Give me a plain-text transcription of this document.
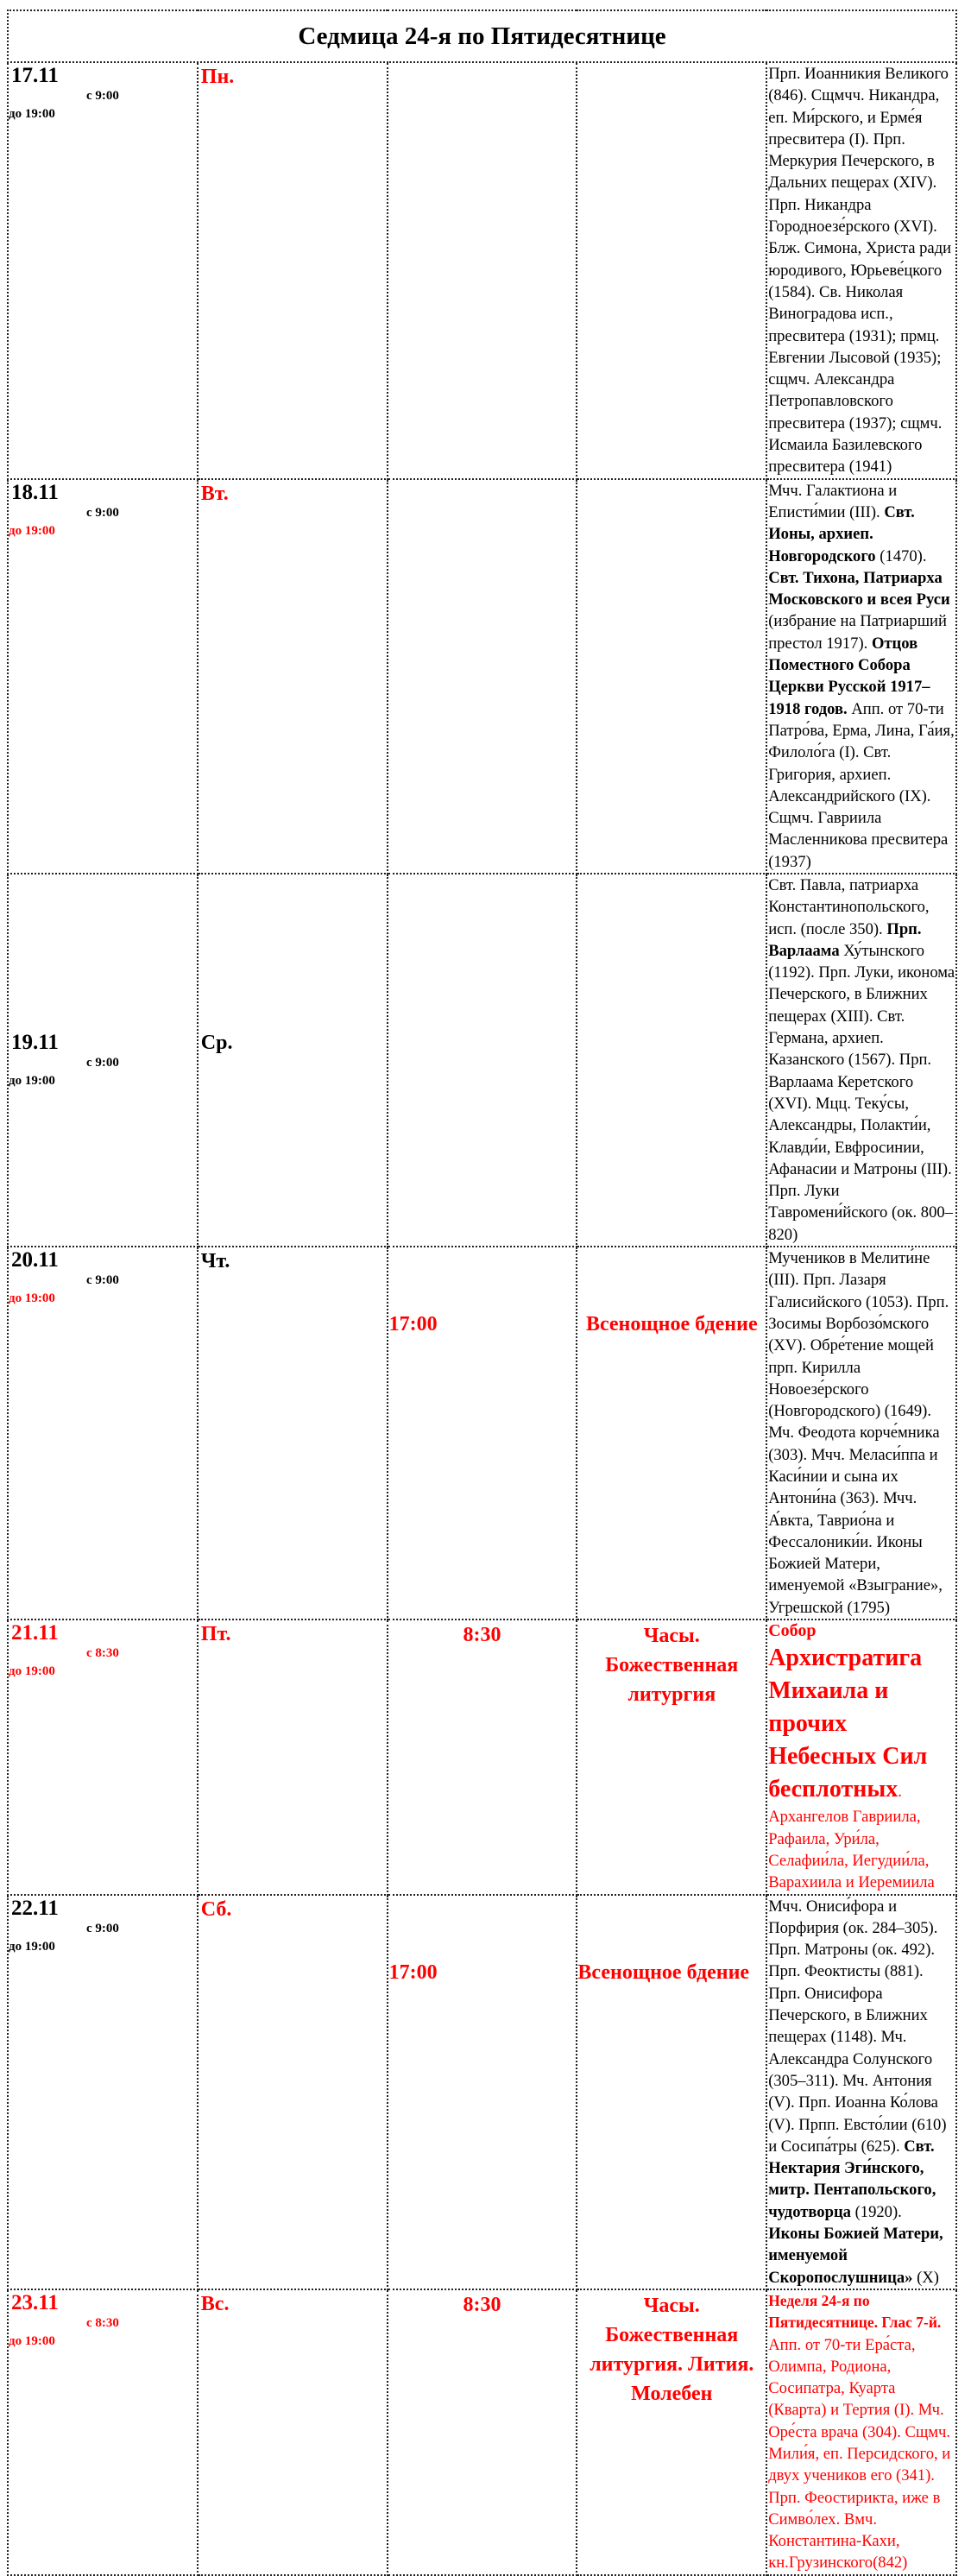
Седмица 24-я по Пятидесятнице

17.11
с 9:00
до 19:00

Пн.			Прп. Иоанникия Великого (846). Сщмчч. Никандра, еп. Ми́рского, и Ерме́я пресвитера (I). Прп. Меркурия Печерского, в Дальних пещерах (XIV). Прп. Никандра Городноезе́рского (XVI). Блж. Симона, Христа ради юродивого, Юрьеве́цкого (1584). Св. Николая Виноградова исп., пресвитера (1931); прмц. Евгении Лысовой (1935); сщмч. Александра Петропавловского пресвитера (1937); сщмч. Исмаила Базилевского пресвитера (1941)

18.11
с 9:00
до 19:00

Вт.			Мчч. Галактиона и Еписти́мии (III). Свт. Ионы, архиеп. Новгородского (1470). Свт. Тихона, Патриарха Московского и всея Руси (избрание на Патриарший престол 1917). Отцов Поместного Собора Церкви Русской 1917–1918 годов. Апп. от 70-ти Патро́ва, Ерма, Лина, Га́ия, Филоло́га (I). Свт. Григория, архиеп. Александрийского (IX). Сщмч. Гавриила Масленникова пресвитера (1937)

19.11
с 9:00
до 19:00

Ср.

Свт. Павла, патриарха Константинопольского, исп. (после 350). Прп. Варлаама Ху́тынского (1192). Прп. Луки, иконома Печерского, в Ближних пещерах (XIII). Свт. Германа, архиеп. Казанского (1567). Прп. Варлаама Керетского (XVI). Мцц. Теку́сы, Александры, Полакти́и, Клавди́и, Евфросинии, Афанасии и Матроны (III). Прп. Луки Тавромени́йского (ок. 800–820)

20.11
с 9:00
до 19:00

Чт.

17:00	Всенощное бдение

Мучеников в Мелити́не (III). Прп. Лазаря Галисийского (1053). Прп. Зосимы Ворбозо́мского (XV). Обре́тение мощей прп. Кирилла Новоезе́рского (Новгородского) (1649). Мч. Феодота корче́мника (303). Мчч. Меласи́ппа и Каси́нии и сына их Антони́на (363). Мчч. А́вкта, Таврио́на и Фессалоники́и. Иконы Божией Матери, именуемой «Взыграние», Угрешской (1795)

21.11
с 8:30
до 19:00

Пт.	8:30	Часы. Божественная литургия

Собор Архистратига Михаила и прочих Небесных Сил бесплотных. Архангелов Гавриила, Рафаила, Ури́ла, Селафии́ла, Иегудии́ла, Варахиила и Иеремиила

22.11
с 9:00
до 19:00

Сб.

17:00	Всенощное бдение

Мчч. Ониси́фора и Порфирия (ок. 284–305). Прп. Матроны (ок. 492). Прп. Феоктисты (881). Прп. Онисифора Печерского, в Ближних пещерах (1148). Мч. Александра Солунского (305–311). Мч. Антония (V). Прп. Иоанна Ко́лова (V). Прпп. Евсто́лии (610) и Сосипа́тры (625). Свт. Нектария Эги́нского, митр. Пентапольского, чудотворца (1920).
Иконы Божией Матери, именуемой Скоропослушница» (X)

23.11
с 8:30
до 19:00

Вс.	8:30	Часы. Божественная литургия. Лития. Молебен

Неделя 24-я по Пятидесятнице. Глас 7-й.
Апп. от 70-ти Ера́ста, Олимпа, Родиона, Сосипатра, Куарта (Кварта) и Тертия (I). Мч. Оре́ста врача (304). Сщмч. Мили́я, еп. Персидского, и двух учеников его (341). Прп. Феостирикта, иже в Симво́лех. Вмч. Константина-Кахи, кн.Грузинского(842)
